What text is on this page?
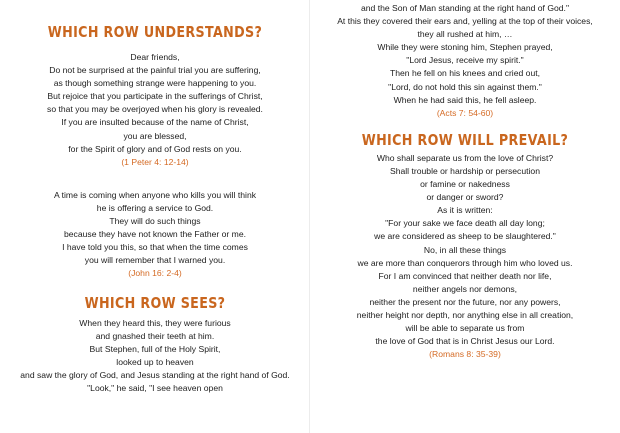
WHICH ROW UNDERSTANDS?
Dear friends,
Do not be surprised at the painful trial you are suffering,
as though something strange were happening to you.
But rejoice that you participate in the sufferings of Christ,
so that you may be overjoyed when his glory is revealed.
If you are insulted because of the name of Christ,
you are blessed,
for the Spirit of glory and of God rests on you.
(1 Peter 4: 12-14)
A time is coming when anyone who kills you will think
he is offering a service to God.
They will do such things
because they have not known the Father or me.
I have told you this, so that when the time comes
you will remember that I warned you.
(John 16: 2-4)
WHICH ROW SEES?
When they heard this, they were furious
and gnashed their teeth at him.
But Stephen, full of the Holy Spirit,
looked up to heaven
and saw the glory of God, and Jesus standing at the right hand of God.
"Look," he said, "I see heaven open
and the Son of Man standing at the right hand of God."
At this they covered their ears and, yelling at the top of their voices,
they all rushed at him, …
While they were stoning him, Stephen prayed,
"Lord Jesus, receive my spirit."
Then he fell on his knees and cried out,
"Lord, do not hold this sin against them."
When he had said this, he fell asleep.
(Acts 7: 54-60)
WHICH ROW WILL PREVAIL?
Who shall separate us from the love of Christ?
Shall trouble or hardship or persecution
or famine or nakedness
or danger or sword?
As it is written:
"For your sake we face death all day long;
we are considered as sheep to be slaughtered."
No, in all these things
we are more than conquerors through him who loved us.
For I am convinced that neither death nor life,
neither angels nor demons,
neither the present nor the future, nor any powers,
neither height nor depth, nor anything else in all creation,
will be able to separate us from
the love of God that is in Christ Jesus our Lord.
(Romans 8: 35-39)
